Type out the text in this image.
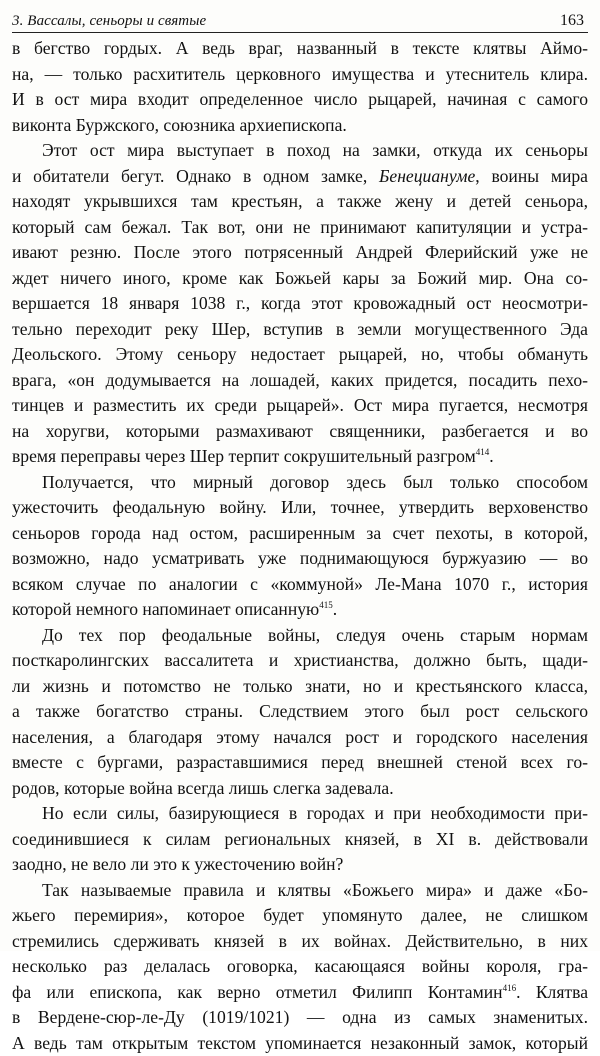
3. Вассалы, сеньоры и святые	163
в бегство гордых. А ведь враг, названный в тексте клятвы Аймо-
на, — только расхититель церковного имущества и утеснитель клира.
И в ост мира входит определенное число рыцарей, начиная с самого
виконта Буржского, союзника архиепископа.
Этот ост мира выступает в поход на замки, откуда их сеньоры
и обитатели бегут. Однако в одном замке, Бенециануме, воины мира
находят укрывшихся там крестьян, а также жену и детей сеньора,
который сам бежал. Так вот, они не принимают капитуляции и устра-
ивают резню. После этого потрясенный Андрей Флерийский уже не
ждет ничего иного, кроме как Божьей кары за Божий мир. Она со-
вершается 18 января 1038 г., когда этот кровожадный ост неосмотри-
тельно переходит реку Шер, вступив в земли могущественного Эда
Деольского. Этому сеньору недостает рыцарей, но, чтобы обмануть
врага, «он додумывается на лошадей, каких придется, посадить пехо-
тинцев и разместить их среди рыцарей». Ост мира пугается, несмотря
на хоругви, которыми размахивают священники, разбегается и во
время переправы через Шер терпит сокрушительный разгром$^{414}$.
Получается, что мирный договор здесь был только способом
ужесточить феодальную войну. Или, точнее, утвердить верховенство
сеньоров города над остом, расширенным за счет пехоты, в которой,
возможно, надо усматривать уже поднимающуюся буржуазию — во
всяком случае по аналогии с «коммуной» Ле-Мана 1070 г., история
которой немного напоминает описанную$^{415}$.
До тех пор феодальные войны, следуя очень старым нормам
посткаролингских вассалитета и христианства, должно быть, щади-
ли жизнь и потомство не только знати, но и крестьянского класса,
а также богатство страны. Следствием этого был рост сельского
населения, а благодаря этому начался рост и городского населения
вместе с бургами, разраставшимися перед внешней стеной всех го-
родов, которые война всегда лишь слегка задевала.
Но если силы, базирующиеся в городах и при необходимости при-
соединившиеся к силам региональных князей, в XI в. действовали
заодно, не вело ли это к ужесточению войн?
Так называемые правила и клятвы «Божьего мира» и даже «Бо-
жьего перемирия», которое будет упомянуто далее, не слишком
стремились сдерживать князей в их войнах. Действительно, в них
несколько раз делалась оговорка, касающаяся войны короля, гра-
фа или епископа, как верно отметил Филипп Контамин$^{416}$. Клятва
в Вердене-сюр-ле-Ду (1019/1021) — одна из самых знаменитых.
А ведь там открытым текстом упоминается незаконный замок, который
